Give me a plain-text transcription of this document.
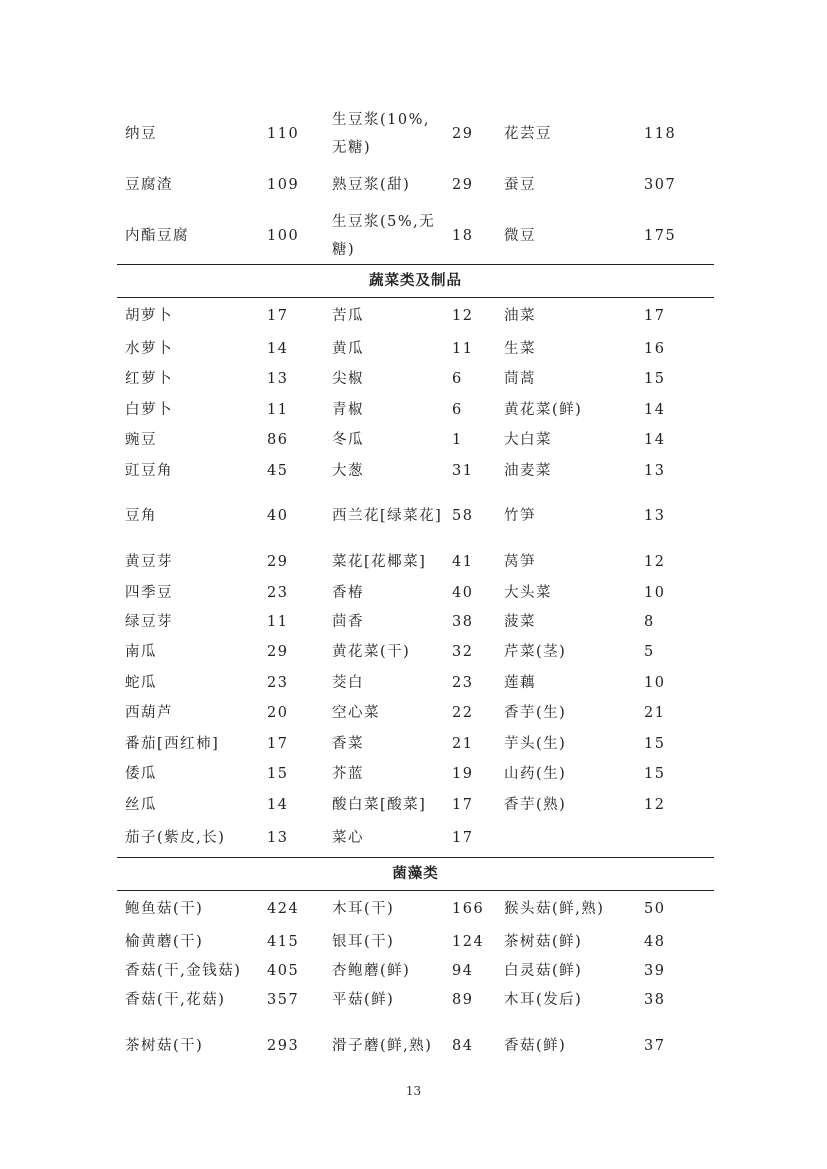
纳豆	110	生豆浆(10%,无糖)	29	花芸豆	118
豆腐渣	109	熟豆浆(甜)	29	蚕豆	307
内酯豆腐	100	生豆浆(5%,无糖)	18	微豆	175
蔬菜类及制品					
胡萝卜	17	苦瓜	12	油菜	17
水萝卜	14	黄瓜	11	生菜	16
红萝卜	13	尖椒	6	茼蒿	15
白萝卜	11	青椒	6	黄花菜(鲜)	14
豌豆	86	冬瓜	1	大白菜	14
豇豆角	45	大葱	31	油麦菜	13
豆角	40	西兰花[绿菜花]	58	竹笋	13
黄豆芽	29	菜花[花椰菜]	41	莴笋	12
四季豆	23	香椿	40	大头菜	10
绿豆芽	11	茴香	38	菠菜	8
南瓜	29	黄花菜(干)	32	芹菜(茎)	5
蛇瓜	23	茭白	23	莲藕	10
西葫芦	20	空心菜	22	香芋(生)	21
番茄[西红柿]	17	香菜	21	芋头(生)	15
倭瓜	15	芥蓝	19	山药(生)	15
丝瓜	14	酸白菜[酸菜]	17	香芋(熟)	12
茄子(紫皮,长)	13	菜心	17		
菌藻类					
鲍鱼菇(干)	424	木耳(干)	166	猴头菇(鲜,熟)	50
榆黄蘑(干)	415	银耳(干)	124	茶树菇(鲜)	48
香菇(干,金钱菇)	405	杏鲍蘑(鲜)	94	白灵菇(鲜)	39
香菇(干,花菇)	357	平菇(鲜)	89	木耳(发后)	38
茶树菇(干)	293	滑子蘑(鲜,熟)	84	香菇(鲜)	37
13
